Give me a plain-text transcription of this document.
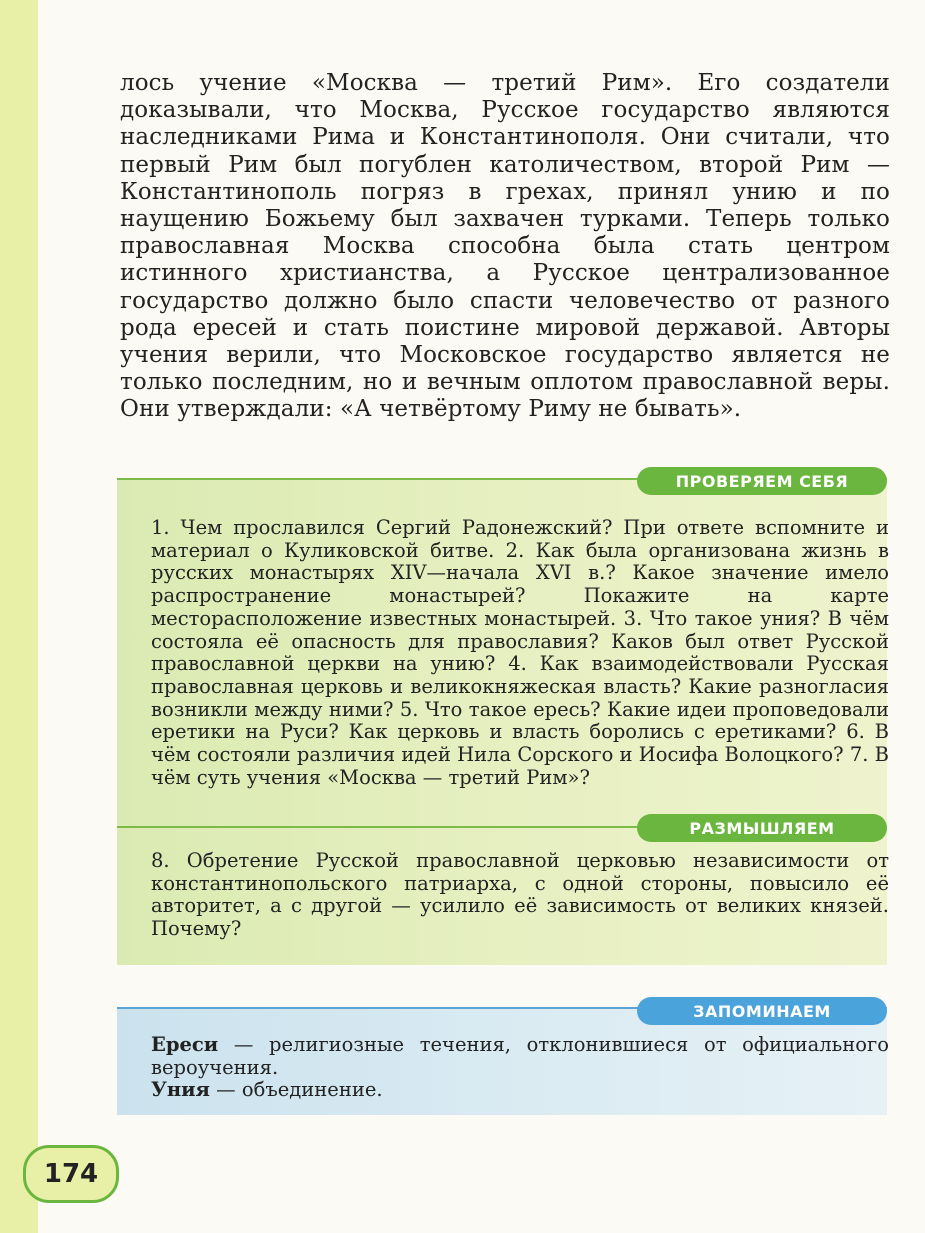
лось учение «Москва — третий Рим». Его создатели доказывали, что Москва, Русское государство являются наследниками Рима и Константинополя. Они считали, что первый Рим был погублен католичеством, второй Рим — Константинополь погряз в грехах, принял унию и по наущению Божьему был захвачен турками. Теперь только православная Москва способна была стать центром истинного христианства, а Русское централизованное государство должно было спасти человечество от разного рода ересей и стать поистине мировой державой. Авторы учения верили, что Московское государство является не только последним, но и вечным оплотом православной веры. Они утверждали: «А четвёртому Риму не бывать».

ПРОВЕРЯЕМ СЕБЯ

1. Чем прославился Сергий Радонежский? При ответе вспомните и материал о Куликовской битве. 2. Как была организована жизнь в русских монастырях XIV—начала XVI в.? Какое значение имело распространение монастырей? Покажите на карте месторасположение известных монастырей. 3. Что такое уния? В чём состояла её опасность для православия? Каков был ответ Русской православной церкви на унию? 4. Как взаимодействовали Русская православная церковь и великокняжеская власть? Какие разногласия возникли между ними? 5. Что такое ересь? Какие идеи проповедовали еретики на Руси? Как церковь и власть боролись с еретиками? 6. В чём состояли различия идей Нила Сорского и Иосифа Волоцкого? 7. В чём суть учения «Москва — третий Рим»?

РАЗМЫШЛЯЕМ

8. Обретение Русской православной церковью независимости от константинопольского патриарха, с одной стороны, повысило её авторитет, а с другой — усилило её зависимость от великих князей. Почему?

ЗАПОМИНАЕМ

Ереси — религиозные течения, отклонившиеся от официального вероучения.

Уния — объединение.

174
